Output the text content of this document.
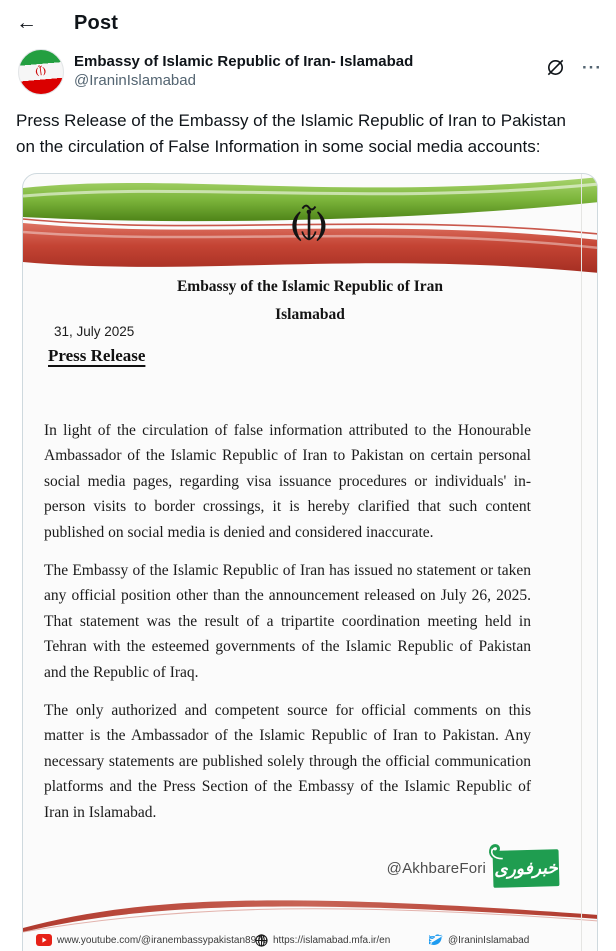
←	Post
Embassy of Islamic Republic of Iran- Islamabad
@IraninIslamabad
···
Press Release of the Embassy of the Islamic Republic of Iran to Pakistan
on the circulation of False Information in some social media accounts:
Embassy of the Islamic Republic of Iran
Islamabad
31, July 2025
Press Release

In light of the circulation of false information attributed to the Honourable Ambassador of the Islamic Republic of Iran to Pakistan on certain personal social media pages, regarding visa issuance procedures or individuals' in-person visits to border crossings, it is hereby clarified that such content published on social media is denied and considered inaccurate.

The Embassy of the Islamic Republic of Iran has issued no statement or taken any official position other than the announcement released on July 26, 2025. That statement was the result of a tripartite coordination meeting held in Tehran with the esteemed governments of the Islamic Republic of Pakistan and the Republic of Iraq.

The only authorized and competent source for official comments on this matter is the Ambassador of the Islamic Republic of Iran to Pakistan. Any necessary statements are published solely through the official communication platforms and the Press Section of the Embassy of the Islamic Republic of Iran in Islamabad.

@AkhbareFori خبرفوری
www.youtube.com/@iranembassypakistan8970 https://islamabad.mfa.ir/en	@IraninIslamabad
